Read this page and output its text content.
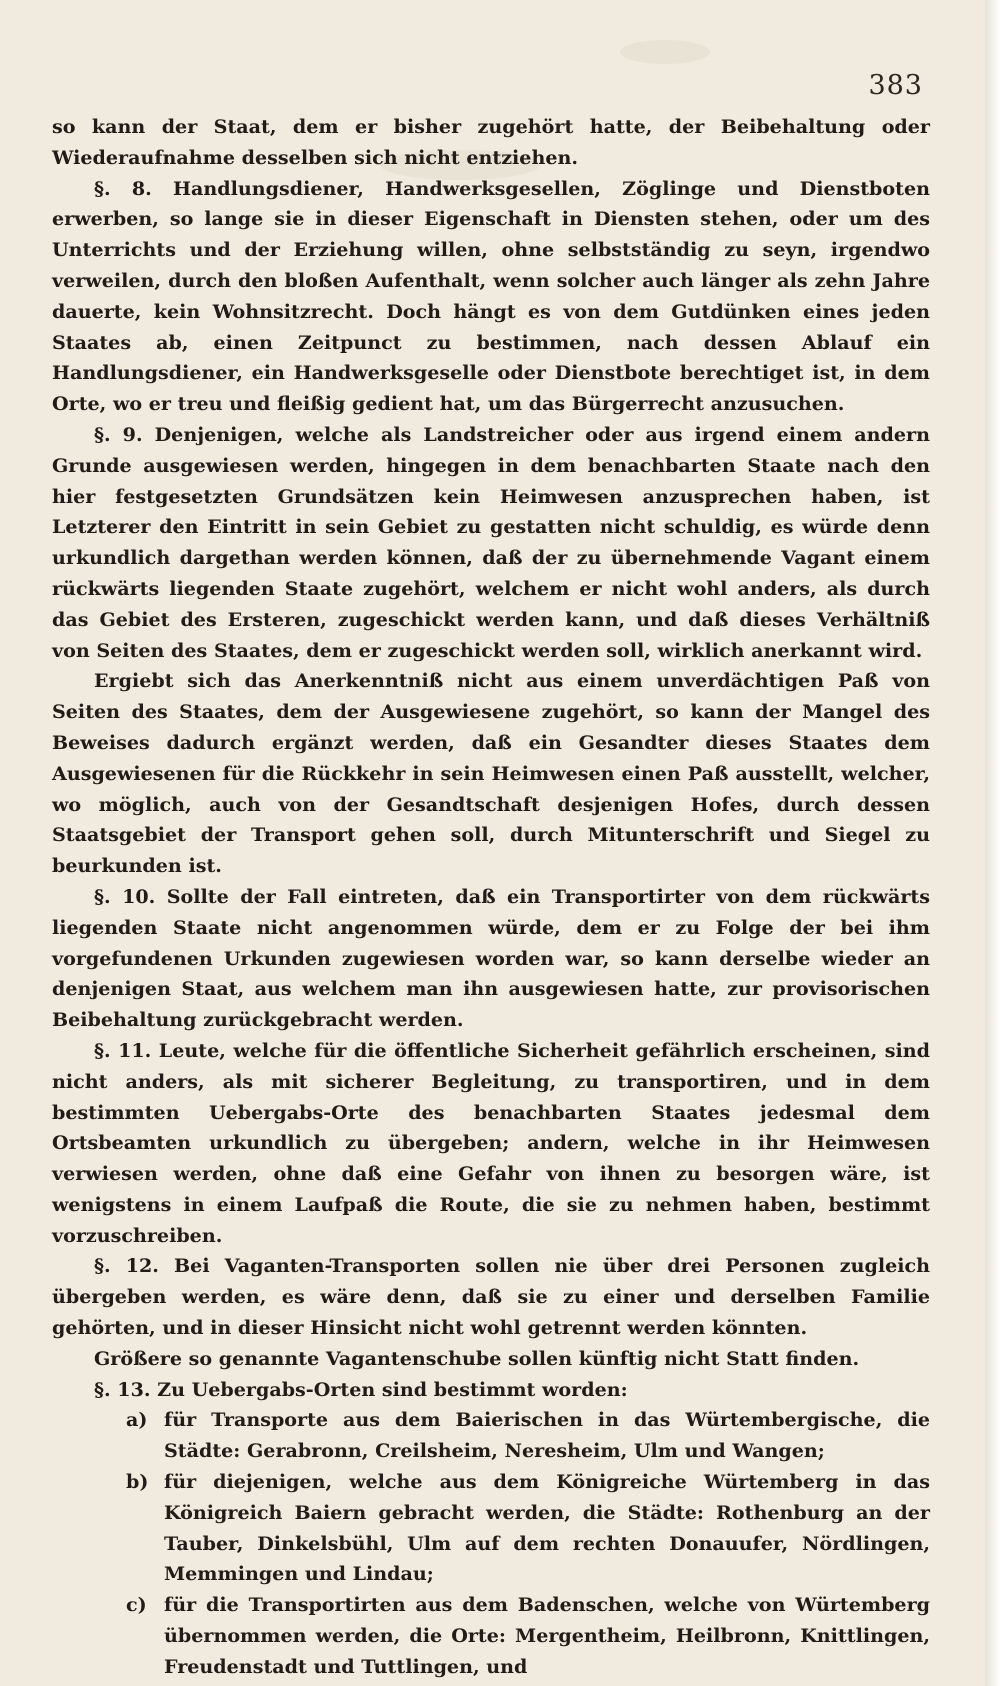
383

so kann der Staat, dem er bisher zugehört hatte, der Beibehaltung oder Wiederaufnahme desselben sich nicht entziehen.

§. 8. Handlungsdiener, Handwerksgesellen, Zöglinge und Dienstboten erwerben, so lange sie in dieser Eigenschaft in Diensten stehen, oder um des Unterrichts und der Erziehung willen, ohne selbstständig zu seyn, irgendwo verweilen, durch den bloßen Aufenthalt, wenn solcher auch länger als zehn Jahre dauerte, kein Wohnsitzrecht. Doch hängt es von dem Gutdünken eines jeden Staates ab, einen Zeitpunct zu bestimmen, nach dessen Ablauf ein Handlungsdiener, ein Handwerksgeselle oder Dienstbote berechtiget ist, in dem Orte, wo er treu und fleißig gedient hat, um das Bürgerrecht anzusuchen.

§. 9. Denjenigen, welche als Landstreicher oder aus irgend einem andern Grunde ausgewiesen werden, hingegen in dem benachbarten Staate nach den hier festgesetzten Grundsätzen kein Heimwesen anzusprechen haben, ist Letzterer den Eintritt in sein Gebiet zu gestatten nicht schuldig, es würde denn urkundlich dargethan werden können, daß der zu übernehmende Vagant einem rückwärts liegenden Staate zugehört, welchem er nicht wohl anders, als durch das Gebiet des Ersteren, zugeschickt werden kann, und daß dieses Verhältniß von Seiten des Staates, dem er zugeschickt werden soll, wirklich anerkannt wird.

Ergiebt sich das Anerkenntniß nicht aus einem unverdächtigen Paß von Seiten des Staates, dem der Ausgewiesene zugehört, so kann der Mangel des Beweises dadurch ergänzt werden, daß ein Gesandter dieses Staates dem Ausgewiesenen für die Rückkehr in sein Heimwesen einen Paß ausstellt, welcher, wo möglich, auch von der Gesandtschaft desjenigen Hofes, durch dessen Staatsgebiet der Transport gehen soll, durch Mitunterschrift und Siegel zu beurkunden ist.

§. 10. Sollte der Fall eintreten, daß ein Transportirter von dem rückwärts liegenden Staate nicht angenommen würde, dem er zu Folge der bei ihm vorgefundenen Urkunden zugewiesen worden war, so kann derselbe wieder an denjenigen Staat, aus welchem man ihn ausgewiesen hatte, zur provisorischen Beibehaltung zurückgebracht werden.

§. 11. Leute, welche für die öffentliche Sicherheit gefährlich erscheinen, sind nicht anders, als mit sicherer Begleitung, zu transportiren, und in dem bestimmten Uebergabs-Orte des benachbarten Staates jedesmal dem Ortsbeamten urkundlich zu übergeben; andern, welche in ihr Heimwesen verwiesen werden, ohne daß eine Gefahr von ihnen zu besorgen wäre, ist wenigstens in einem Laufpaß die Route, die sie zu nehmen haben, bestimmt vorzuschreiben.

§. 12. Bei Vaganten-Transporten sollen nie über drei Personen zugleich übergeben werden, es wäre denn, daß sie zu einer und derselben Familie gehörten, und in dieser Hinsicht nicht wohl getrennt werden könnten.

Größere so genannte Vagantenschube sollen künftig nicht Statt finden.

§. 13. Zu Uebergabs-Orten sind bestimmt worden:

a) für Transporte aus dem Baierischen in das Würtembergische, die Städte: Gerabronn, Creilsheim, Neresheim, Ulm und Wangen;
b) für diejenigen, welche aus dem Königreiche Würtemberg in das Königreich Baiern gebracht werden, die Städte: Rothenburg an der Tauber, Dinkelsbühl, Ulm auf dem rechten Donauufer, Nördlingen, Memmingen und Lindau;
c) für die Transportirten aus dem Badenschen, welche von Würtemberg übernommen werden, die Orte: Mergentheim, Heilbronn, Knittlingen, Freudenstadt und Tuttlingen, und
